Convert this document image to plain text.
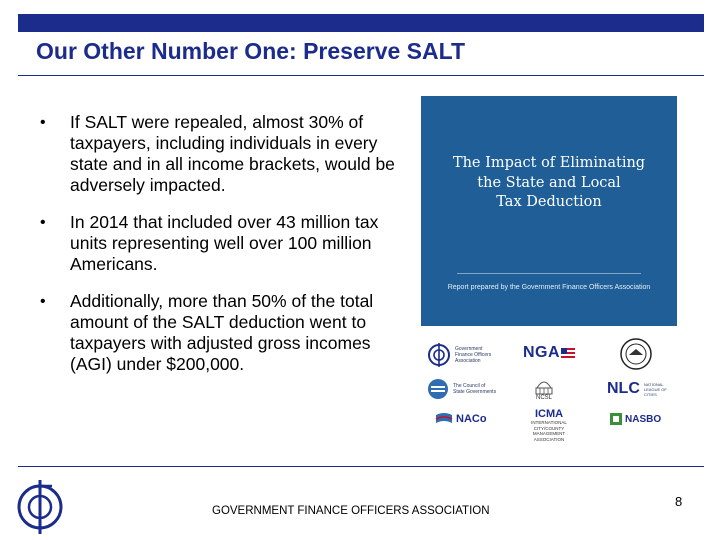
Our Other Number One: Preserve SALT
• If SALT were repealed, almost 30% of taxpayers, including individuals in every state and in all income brackets, would be adversely impacted.
• In 2014 that included over 43 million tax units representing well over 100 million Americans.
• Additionally, more than 50% of the total amount of the SALT deduction went to taxpayers with adjusted gross incomes (AGI) under $200,000.
The Impact of Eliminating
the State and Local
Tax Deduction
Report prepared by the Government Finance Officers Association
Government Finance Officers Association	NGA
The Council of State Governments
NCSL
NLC NATIONAL LEAGUE OF CITIES
NACo	ICMA
INTERNATIONAL CITY/COUNTY MANAGEMENT ASSOCIATION
NASBO
GOVERNMENT FINANCE OFFICERS ASSOCIATION
8
